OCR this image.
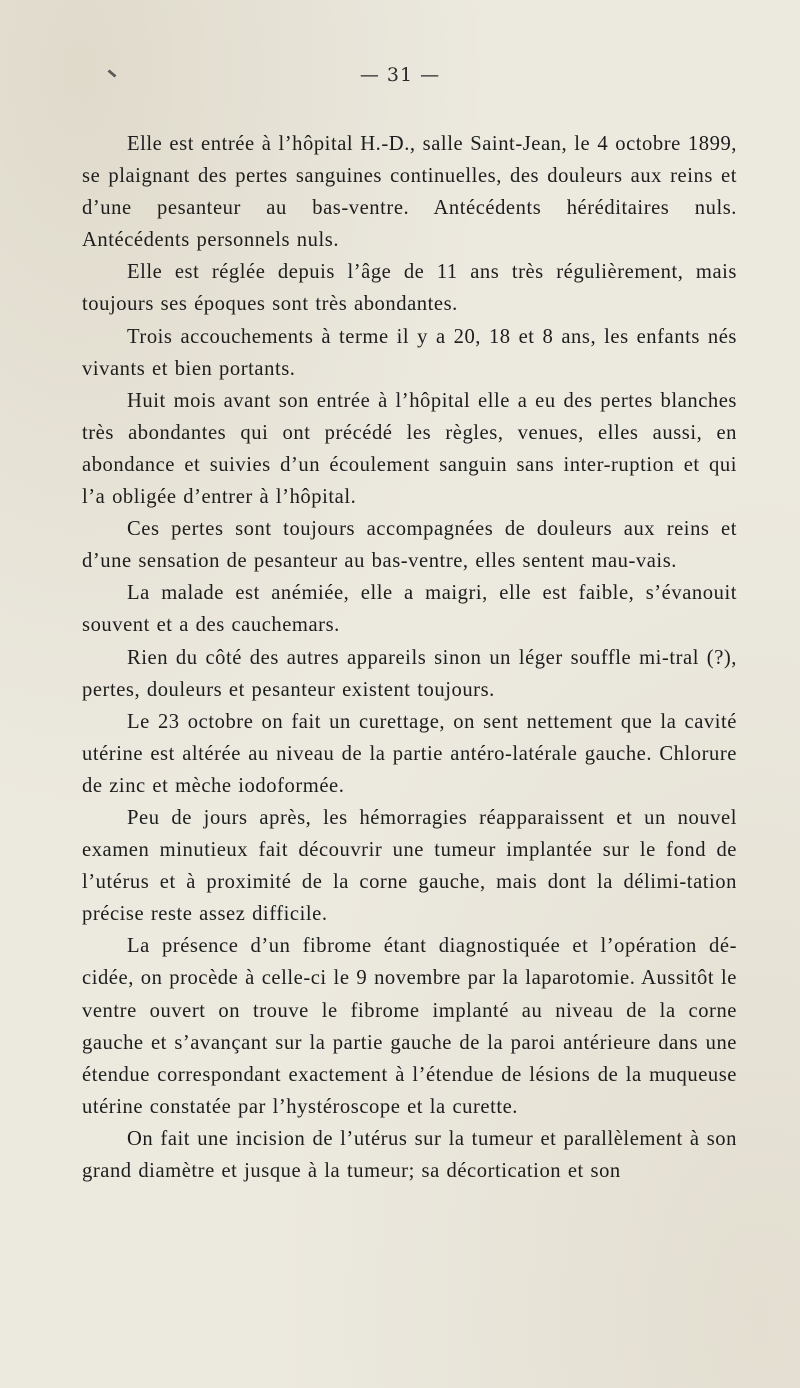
— 31 —

Elle est entrée à l’hôpital H.-D., salle Saint-Jean, le 4 octobre 1899, se plaignant des pertes sanguines continuelles, des douleurs aux reins et d’une pesanteur au bas-ventre. Antécédents héréditaires nuls. Antécédents personnels nuls.

Elle est réglée depuis l’âge de 11 ans très régulièrement, mais toujours ses époques sont très abondantes.

Trois accouchements à terme il y a 20, 18 et 8 ans, les enfants nés vivants et bien portants.

Huit mois avant son entrée à l’hôpital elle a eu des pertes blanches très abondantes qui ont précédé les règles, venues, elles aussi, en abondance et suivies d’un écoulement sanguin sans inter-ruption et qui l’a obligée d’entrer à l’hôpital.

Ces pertes sont toujours accompagnées de douleurs aux reins et d’une sensation de pesanteur au bas-ventre, elles sentent mau-vais.

La malade est anémiée, elle a maigri, elle est faible, s’évanouit souvent et a des cauchemars.

Rien du côté des autres appareils sinon un léger souffle mi-tral (?), pertes, douleurs et pesanteur existent toujours.

Le 23 octobre on fait un curettage, on sent nettement que la cavité utérine est altérée au niveau de la partie antéro-latérale gauche. Chlorure de zinc et mèche iodoformée.

Peu de jours après, les hémorragies réapparaissent et un nouvel examen minutieux fait découvrir une tumeur implantée sur le fond de l’utérus et à proximité de la corne gauche, mais dont la délimi-tation précise reste assez difficile.

La présence d’un fibrome étant diagnostiquée et l’opération dé-cidée, on procède à celle-ci le 9 novembre par la laparotomie. Aussitôt le ventre ouvert on trouve le fibrome implanté au niveau de la corne gauche et s’avançant sur la partie gauche de la paroi antérieure dans une étendue correspondant exactement à l’étendue de lésions de la muqueuse utérine constatée par l’hystéroscope et la curette.

On fait une incision de l’utérus sur la tumeur et parallèlement à son grand diamètre et jusque à la tumeur; sa décortication et son
